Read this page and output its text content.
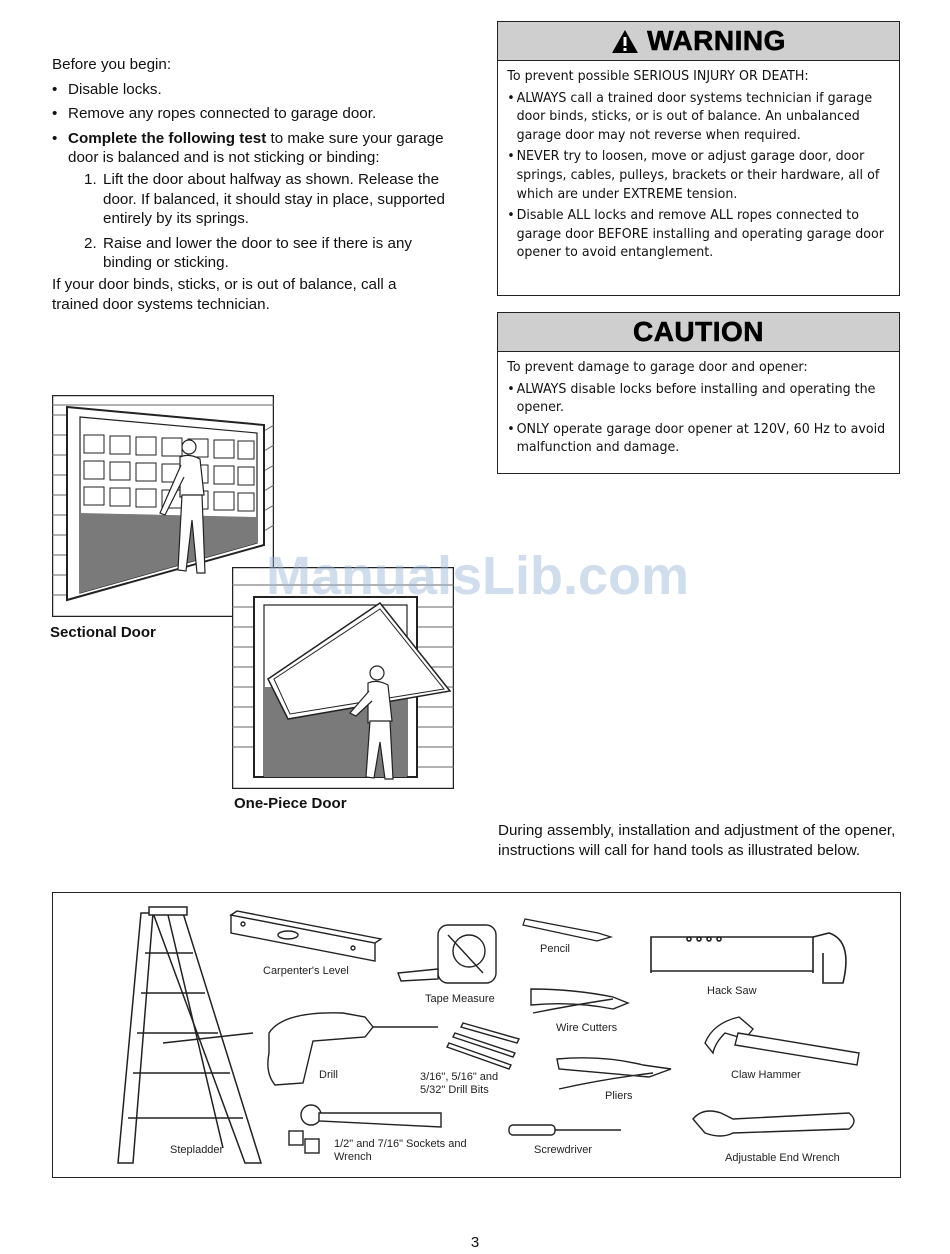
Before you begin:

• Disable locks.
• Remove any ropes connected to garage door.
• Complete the following test to make sure your garage door is balanced and is not sticking or binding:
1. Lift the door about halfway as shown. Release the door. If balanced, it should stay in place, supported entirely by its springs.
2. Raise and lower the door to see if there is any binding or sticking.

If your door binds, sticks, or is out of balance, call a trained door systems technician.

WARNING

To prevent possible SERIOUS INJURY OR DEATH:

• ALWAYS call a trained door systems technician if garage door binds, sticks, or is out of balance. An unbalanced garage door may not reverse when required.
• NEVER try to loosen, move or adjust garage door, door springs, cables, pulleys, brackets or their hardware, all of which are under EXTREME tension.
• Disable ALL locks and remove ALL ropes connected to garage door BEFORE installing and operating garage door opener to avoid entanglement.
CAUTION

To prevent damage to garage door and opener:

• ALWAYS disable locks before installing and operating the opener.
• ONLY operate garage door opener at 120V, 60 Hz to avoid malfunction and damage.
Sectional Door
One-Piece Door
ManualsLib.com
During assembly, installation and adjustment of the opener, instructions will call for hand tools as illustrated below.
Carpenter's Level
Tape Measure
Pencil
Hack Saw
Wire Cutters
Drill	3/16", 5/16" and 5/32" Drill Bits	Pliers
Claw Hammer
Stepladder	1/2" and 7/16" Sockets and Wrench
Screwdriver
Adjustable End Wrench
3
